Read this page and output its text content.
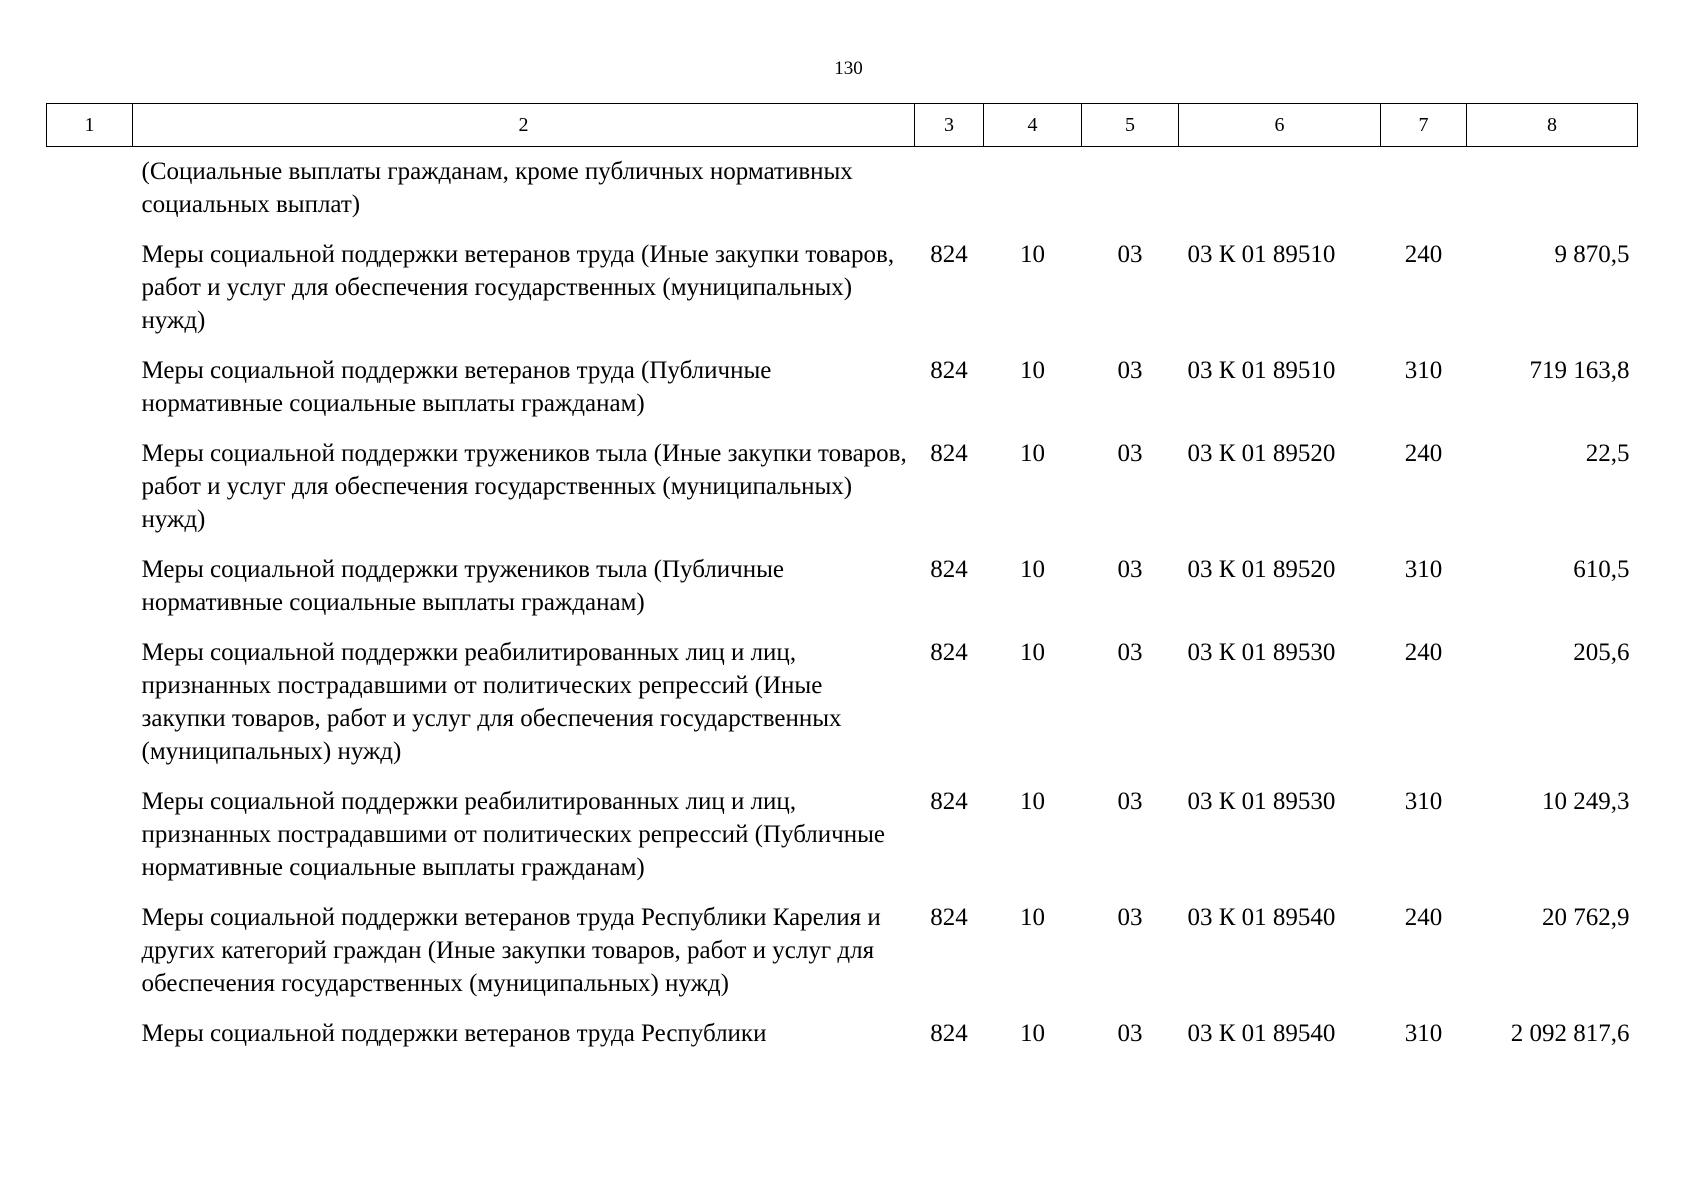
130
1	2	3	4	5	6	7	8
	(Социальные выплаты гражданам, кроме публичных нормативных социальных выплат)						
	Меры социальной поддержки ветеранов труда (Иные закупки товаров, работ и услуг для обеспечения государственных (муниципальных) нужд)	824	10	03	03 К 01 89510	240	9 870,5
	Меры социальной поддержки ветеранов труда (Публичные нормативные социальные выплаты гражданам)	824	10	03	03 К 01 89510	310	719 163,8
	Меры социальной поддержки тружеников тыла (Иные закупки товаров, работ и услуг для обеспечения государственных (муниципальных) нужд)	824	10	03	03 К 01 89520	240	22,5
	Меры социальной поддержки тружеников тыла (Публичные нормативные социальные выплаты гражданам)	824	10	03	03 К 01 89520	310	610,5
	Меры социальной поддержки реабилитированных лиц и лиц, признанных пострадавшими от политических репрессий (Иные закупки товаров, работ и услуг для обеспечения государственных (муниципальных) нужд)	824	10	03	03 К 01 89530	240	205,6
	Меры социальной поддержки реабилитированных лиц и лиц, признанных пострадавшими от политических репрессий (Публичные нормативные социальные выплаты гражданам)	824	10	03	03 К 01 89530	310	10 249,3
	Меры социальной поддержки ветеранов труда Республики Карелия и других категорий граждан (Иные закупки товаров, работ и услуг для обеспечения государственных (муниципальных) нужд)	824	10	03	03 К 01 89540	240	20 762,9
	Меры социальной поддержки ветеранов труда Республики	824	10	03	03 К 01 89540	310	2 092 817,6
